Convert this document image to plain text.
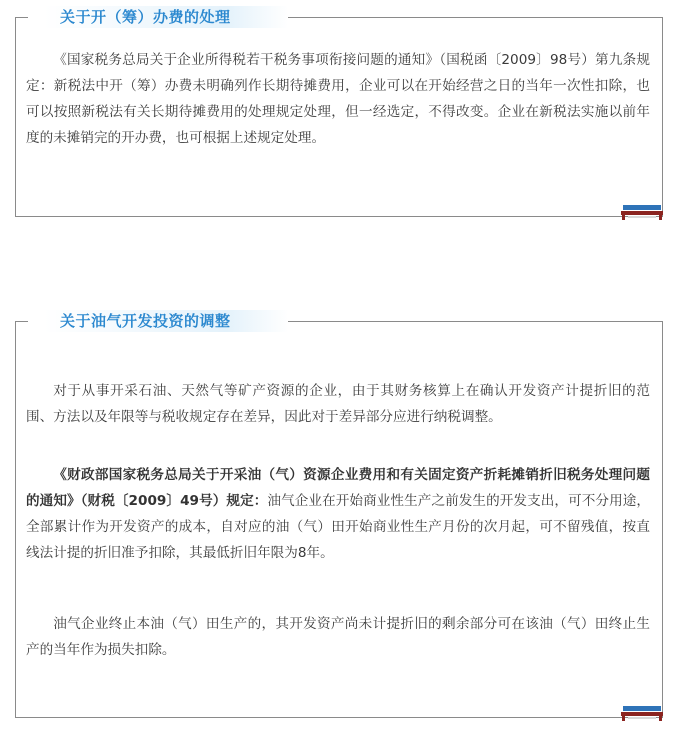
关于开（筹）办费的处理

《国家税务总局关于企业所得税若干税务事项衔接问题的通知》（国税函〔2009〕98号）第九条规定：新税法中开（筹）办费未明确列作长期待摊费用，企业可以在开始经营之日的当年一次性扣除，也可以按照新税法有关长期待摊费用的处理规定处理，但一经选定，不得改变。企业在新税法实施以前年度的未摊销完的开办费，也可根据上述规定处理。

关于油气开发投资的调整

对于从事开采石油、天然气等矿产资源的企业，由于其财务核算上在确认开发资产计提折旧的范围、方法以及年限等与税收规定存在差异，因此对于差异部分应进行纳税调整。

《财政部国家税务总局关于开采油（气）资源企业费用和有关固定资产折耗摊销折旧税务处理问题的通知》（财税〔2009〕49号）规定：油气企业在开始商业性生产之前发生的开发支出，可不分用途，全部累计作为开发资产的成本，自对应的油（气）田开始商业性生产月份的次月起，可不留残值，按直线法计提的折旧准予扣除，其最低折旧年限为8年。

油气企业终止本油（气）田生产的，其开发资产尚未计提折旧的剩余部分可在该油（气）田终止生产的当年作为损失扣除。
